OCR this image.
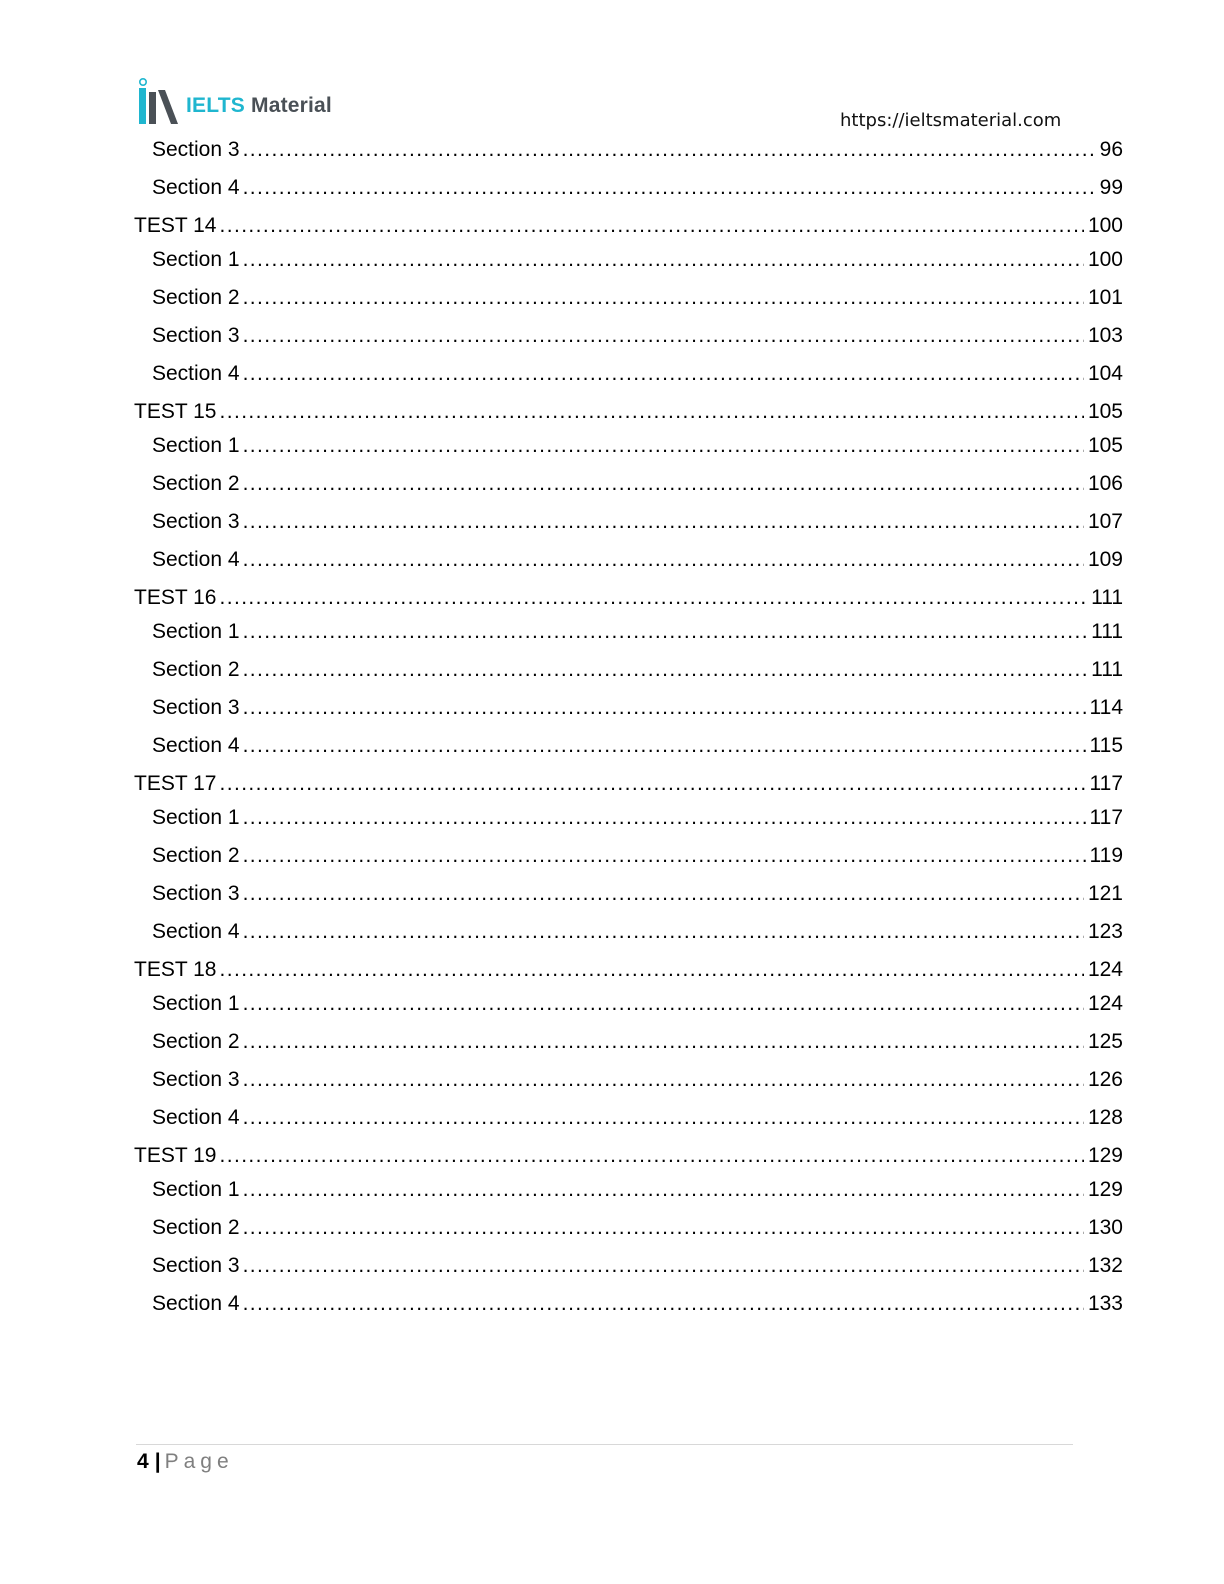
IELTS Material
https://ieltsmaterial.com
Section 3 .....	96
Section 4 .....	99
TEST 14 .....	100
Section 1 .....	100
Section 2 .....	101
Section 3 .....	103
Section 4 .....	104
TEST 15 .....	105
Section 1 .....	105
Section 2 .....	106
Section 3 .....	107
Section 4 .....	109
TEST 16 .....	111
Section 1 .....	111
Section 2 .....	111
Section 3 .....	114
Section 4 .....	115
TEST 17 .....	117
Section 1 .....	117
Section 2 .....	119
Section 3 .....	121
Section 4 .....	123
TEST 18 .....	124
Section 1 .....	124
Section 2 .....	125
Section 3 .....	126
Section 4 .....	128
TEST 19 .....	129
Section 1 .....	129
Section 2 .....	130
Section 3 .....	132
Section 4 .....	133
4 | Page
